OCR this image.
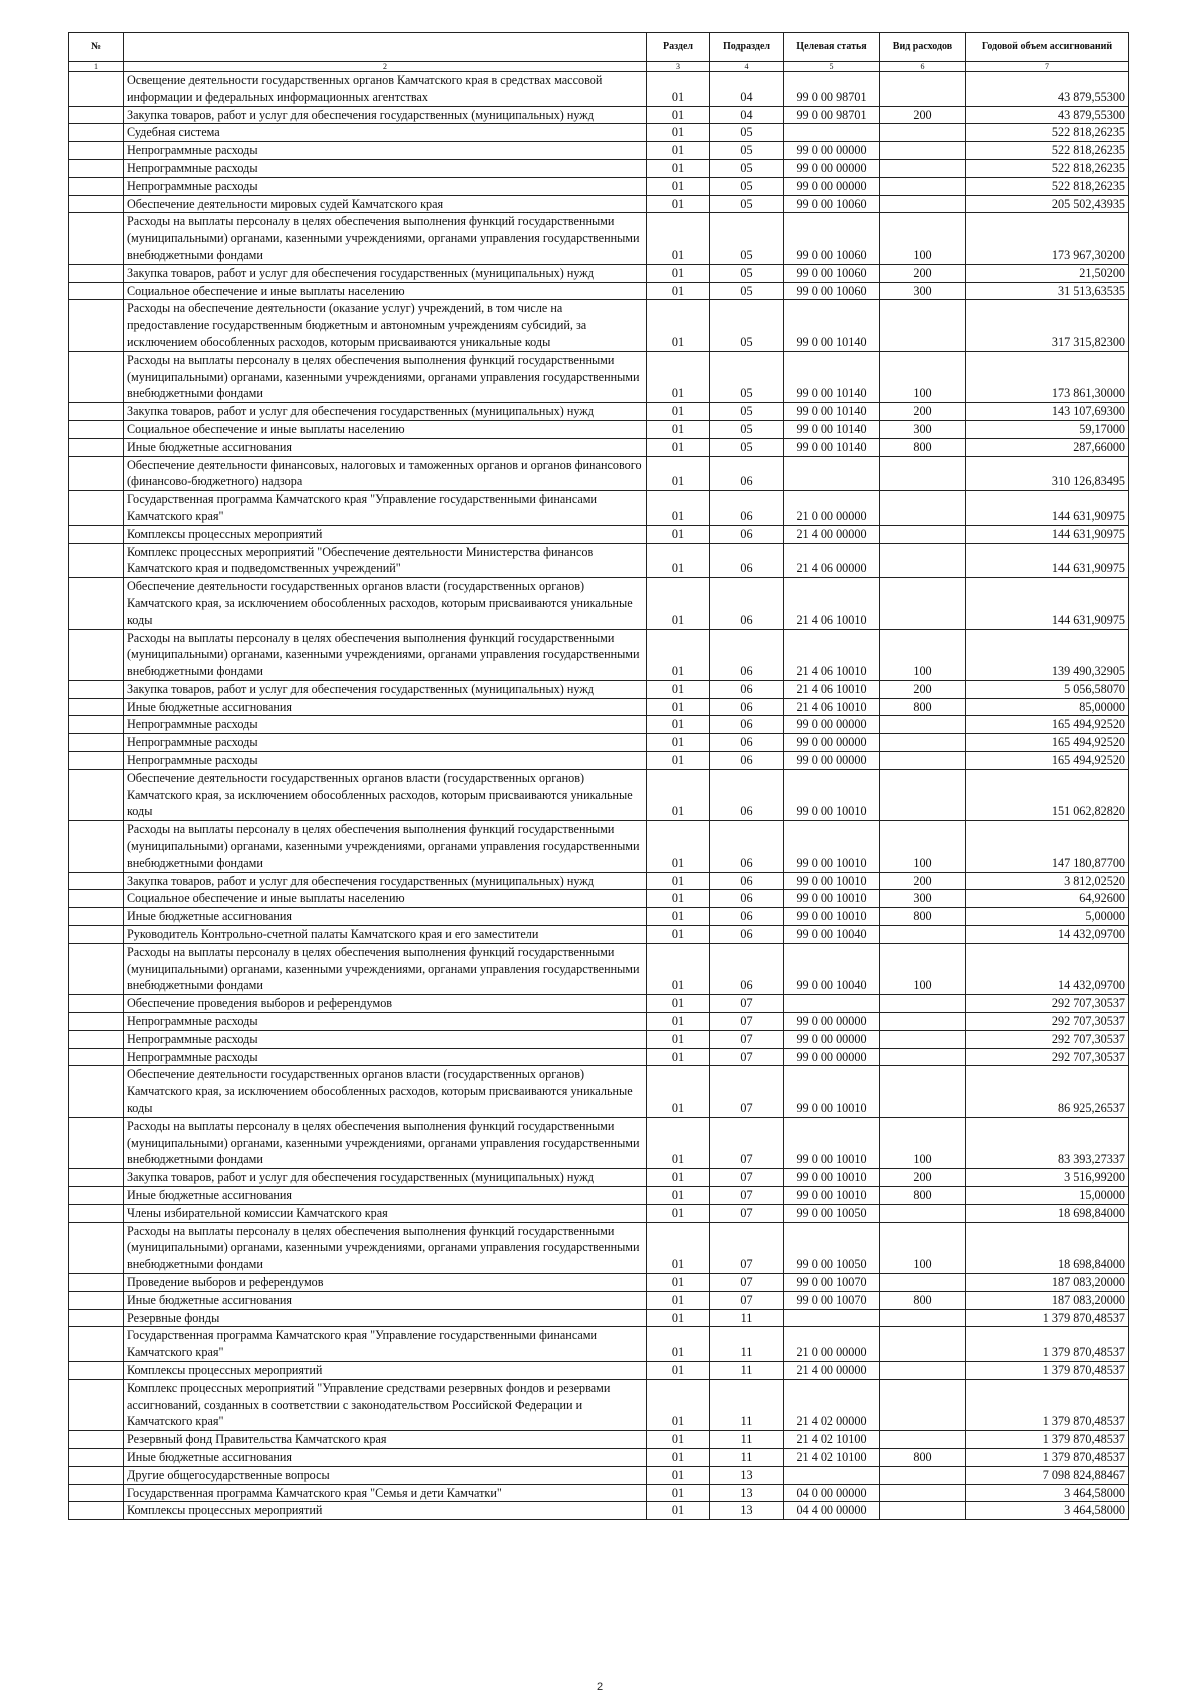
№		Раздел	Подраздел	Целевая статья	Вид расходов	Годовой объем ассигнований
1	2	3	4	5	6	7
	Освещение деятельности государственных органов Камчатского края в средствах массовой информации и федеральных информационных агентствах	01	04	99 0 00 98701		43 879,55300
	Закупка товаров, работ и услуг для обеспечения государственных (муниципальных) нужд	01	04	99 0 00 98701	200	43 879,55300
	Судебная система	01	05			522 818,26235
	Непрограммные расходы	01	05	99 0 00 00000		522 818,26235
	Непрограммные расходы	01	05	99 0 00 00000		522 818,26235
	Непрограммные расходы	01	05	99 0 00 00000		522 818,26235
	Обеспечение деятельности мировых судей Камчатского края	01	05	99 0 00 10060		205 502,43935
	Расходы на выплаты персоналу в целях обеспечения выполнения функций государственными (муниципальными) органами, казенными учреждениями, органами управления государственными внебюджетными фондами	01	05	99 0 00 10060	100	173 967,30200
	Закупка товаров, работ и услуг для обеспечения государственных (муниципальных) нужд	01	05	99 0 00 10060	200	21,50200
	Социальное обеспечение и иные выплаты населению	01	05	99 0 00 10060	300	31 513,63535
	Расходы на обеспечение деятельности (оказание услуг) учреждений, в том числе на предоставление государственным бюджетным и автономным учреждениям субсидий, за исключением обособленных расходов, которым присваиваются уникальные коды	01	05	99 0 00 10140		317 315,82300
	Расходы на выплаты персоналу в целях обеспечения выполнения функций государственными (муниципальными) органами, казенными учреждениями, органами управления государственными внебюджетными фондами	01	05	99 0 00 10140	100	173 861,30000
	Закупка товаров, работ и услуг для обеспечения государственных (муниципальных) нужд	01	05	99 0 00 10140	200	143 107,69300
	Социальное обеспечение и иные выплаты населению	01	05	99 0 00 10140	300	59,17000
	Иные бюджетные ассигнования	01	05	99 0 00 10140	800	287,66000
	Обеспечение деятельности финансовых, налоговых и таможенных органов и органов финансового (финансово-бюджетного) надзора	01	06			310 126,83495
	Государственная программа Камчатского края "Управление государственными финансами Камчатского края"	01	06	21 0 00 00000		144 631,90975
	Комплексы процессных мероприятий	01	06	21 4 00 00000		144 631,90975
	Комплекс процессных мероприятий "Обеспечение деятельности Министерства финансов Камчатского края и подведомственных учреждений"	01	06	21 4 06 00000		144 631,90975
	Обеспечение деятельности государственных органов власти (государственных органов) Камчатского края, за исключением обособленных расходов, которым присваиваются уникальные коды	01	06	21 4 06 10010		144 631,90975
	Расходы на выплаты персоналу в целях обеспечения выполнения функций государственными (муниципальными) органами, казенными учреждениями, органами управления государственными внебюджетными фондами	01	06	21 4 06 10010	100	139 490,32905
	Закупка товаров, работ и услуг для обеспечения государственных (муниципальных) нужд	01	06	21 4 06 10010	200	5 056,58070
	Иные бюджетные ассигнования	01	06	21 4 06 10010	800	85,00000
	Непрограммные расходы	01	06	99 0 00 00000		165 494,92520
	Непрограммные расходы	01	06	99 0 00 00000		165 494,92520
	Непрограммные расходы	01	06	99 0 00 00000		165 494,92520
	Обеспечение деятельности государственных органов власти (государственных органов) Камчатского края, за исключением обособленных расходов, которым присваиваются уникальные коды	01	06	99 0 00 10010		151 062,82820
	Расходы на выплаты персоналу в целях обеспечения выполнения функций государственными (муниципальными) органами, казенными учреждениями, органами управления государственными внебюджетными фондами	01	06	99 0 00 10010	100	147 180,87700
	Закупка товаров, работ и услуг для обеспечения государственных (муниципальных) нужд	01	06	99 0 00 10010	200	3 812,02520
	Социальное обеспечение и иные выплаты населению	01	06	99 0 00 10010	300	64,92600
	Иные бюджетные ассигнования	01	06	99 0 00 10010	800	5,00000
	Руководитель Контрольно-счетной палаты Камчатского края и его заместители	01	06	99 0 00 10040		14 432,09700
	Расходы на выплаты персоналу в целях обеспечения выполнения функций государственными (муниципальными) органами, казенными учреждениями, органами управления государственными внебюджетными фондами	01	06	99 0 00 10040	100	14 432,09700
	Обеспечение проведения выборов и референдумов	01	07			292 707,30537
	Непрограммные расходы	01	07	99 0 00 00000		292 707,30537
	Непрограммные расходы	01	07	99 0 00 00000		292 707,30537
	Непрограммные расходы	01	07	99 0 00 00000		292 707,30537
	Обеспечение деятельности государственных органов власти (государственных органов) Камчатского края, за исключением обособленных расходов, которым присваиваются уникальные коды	01	07	99 0 00 10010		86 925,26537
	Расходы на выплаты персоналу в целях обеспечения выполнения функций государственными (муниципальными) органами, казенными учреждениями, органами управления государственными внебюджетными фондами	01	07	99 0 00 10010	100	83 393,27337
	Закупка товаров, работ и услуг для обеспечения государственных (муниципальных) нужд	01	07	99 0 00 10010	200	3 516,99200
	Иные бюджетные ассигнования	01	07	99 0 00 10010	800	15,00000
	Члены избирательной комиссии Камчатского края	01	07	99 0 00 10050		18 698,84000
	Расходы на выплаты персоналу в целях обеспечения выполнения функций государственными (муниципальными) органами, казенными учреждениями, органами управления государственными внебюджетными фондами	01	07	99 0 00 10050	100	18 698,84000
	Проведение выборов и референдумов	01	07	99 0 00 10070		187 083,20000
	Иные бюджетные ассигнования	01	07	99 0 00 10070	800	187 083,20000
	Резервные фонды	01	11			1 379 870,48537
	Государственная программа Камчатского края "Управление государственными финансами Камчатского края"	01	11	21 0 00 00000		1 379 870,48537
	Комплексы процессных мероприятий	01	11	21 4 00 00000		1 379 870,48537
	Комплекс процессных мероприятий "Управление средствами резервных фондов и резервами ассигнований, созданных в соответствии с законодательством Российской Федерации и Камчатского края"	01	11	21 4 02 00000		1 379 870,48537
	Резервный фонд Правительства Камчатского края	01	11	21 4 02 10100		1 379 870,48537
	Иные бюджетные ассигнования	01	11	21 4 02 10100	800	1 379 870,48537
	Другие общегосударственные вопросы	01	13			7 098 824,88467
	Государственная программа Камчатского края "Семья и дети Камчатки"	01	13	04 0 00 00000		3 464,58000
	Комплексы процессных мероприятий	01	13	04 4 00 00000		3 464,58000
2
